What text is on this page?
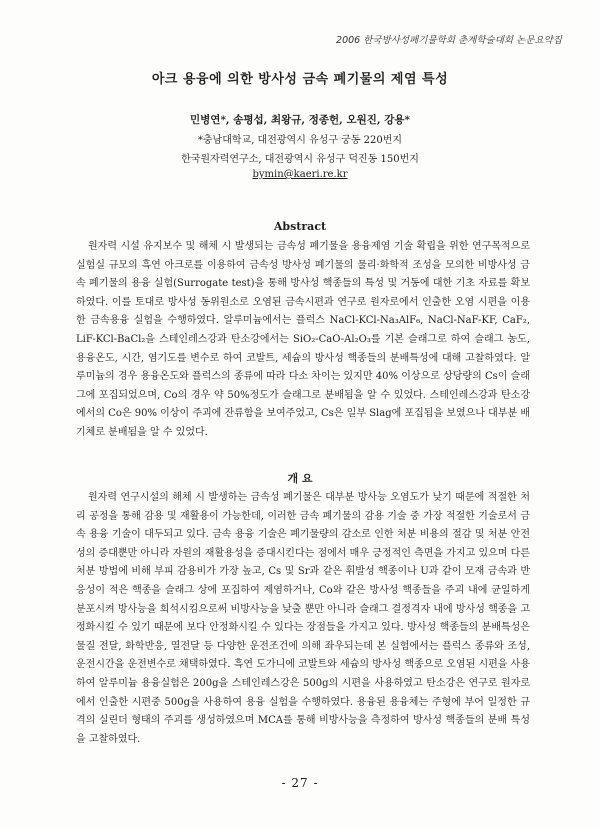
2006 한국방사성폐기물학회 춘계학술대회 논문요약집
아크 용융에 의한 방사성 금속 폐기물의 제염 특성
민병연*, 송평섭, 최왕규, 정종헌, 오원진, 강용*
*충남대학교, 대전광역시 유성구 궁동 220번지
한국원자력연구소, 대전광역시 유성구 덕진동 150번지
bymin@kaeri.re.kr
Abstract

원자력 시설 유지보수 및 해체 시 발생되는 금속성 폐기물을 용융제염 기술 확립을 위한 연구목적으로 실험실 규모의 흑연 아크로를 이용하여 금속성 방사성 폐기물의 물리·화학적 조성을 모의한 비방사성 금속 폐기물의 용융 실험(Surrogate test)을 통해 방사성 핵종들의 특성 및 거동에 대한 기초 자료를 확보하였다. 이를 토대로 방사성 동위원소로 오염된 금속시편과 연구로 원자로에서 인출한 오염 시편을 이용한 금속용융 실험을 수행하였다. 알루미늄에서는 플럭스 NaCl-KCl-Na₃AlF₆, NaCl-NaF-KF, CaF₂, LiF-KCl-BaCl₂을 스테인레스강과 탄소강에서는 SiO₂-CaO-Al₂O₃를 기본 슬래그로 하여 슬래그 농도, 용융온도, 시간, 염기도를 변수로 하여 코발트, 세슘의 방사성 핵종들의 분배특성에 대해 고찰하였다. 알루미늄의 경우 용융온도와 플럭스의 종류에 따라 다소 차이는 있지만 40% 이상으로 상당량의 Cs이 슬래그에 포집되었으며, Co의 경우 약 50%정도가 슬래그로 분배됨을 알 수 있었다. 스테인레스강과 탄소강에서의 Co은 90% 이상이 주괴에 잔류함을 보여주었고, Cs은 일부 Slag에 포집됨을 보였으나 대부분 배기체로 분배됨을 알 수 있었다.

개 요

원자력 연구시설의 해체 시 발생하는 금속성 폐기물은 대부분 방사능 오염도가 낮기 때문에 적절한 처리 공정을 통해 감용 및 재활용이 가능한데, 이러한 금속 폐기물의 감용 기술 중 가장 적절한 기술로서 금속 용융 기술이 대두되고 있다. 금속 용융 기술은 폐기물량의 감소로 인한 처분 비용의 절감 및 처분 안전성의 증대뿐만 아니라 자원의 재활용성을 증대시킨다는 점에서 매우 긍정적인 측면을 가지고 있으며 다른 처분 방법에 비해 부피 감용비가 가장 높고, Cs 및 Sr과 같은 휘발성 핵종이나 U과 같이 모재 금속과 반응성이 적은 핵종을 슬래그 상에 포집하여 제염하거나, Co와 같은 방사성 핵종들을 주괴 내에 균일하게 분포시켜 방사능을 희석시킴으로써 비방사능을 낮출 뿐만 아니라 슬래그 결정격자 내에 방사성 핵종을 고정화시킬 수 있기 때문에 보다 안정화시킬 수 있다는 장점들을 가지고 있다. 방사성 핵종들의 분배특성은 물질 전달, 화학반응, 열전달 등 다양한 운전조건에 의해 좌우되는데 본 실험에서는 플럭스 종류와 조성, 운전시간을 운전변수로 채택하였다. 흑연 도가니에 코발트와 세슘의 방사성 핵종으로 오염된 시편을 사용하여 알루미늄 용융실험은 200g을 스테인레스강은 500g의 시편을 사용하였고 탄소강은 연구로 원자로에서 인출한 시편중 500g을 사용하여 용융 실험을 수행하였다. 용융된 용융체는 주형에 부어 일정한 규격의 실린더 형태의 주괴를 생성하였으며 MCA를 통해 비방사능을 측정하여 방사성 핵종들의 분배 특성을 고찰하였다.

- 27 -
